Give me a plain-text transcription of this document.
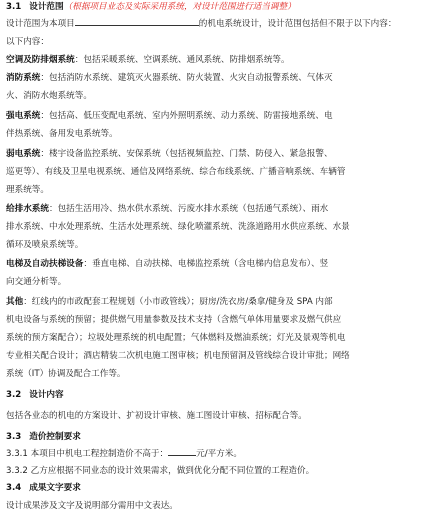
3.1 设计范围（根据项目业态及实际采用系统，对设计范围进行适当调整）
设计范围为本项目	的机电系统设计，设计范围包括但不限于以下内容：
以下内容：
空调及防排烟系统：包括采暖系统、空调系统、通风系统、防排烟系统等。
消防系统：包括消防水系统、建筑灭火器系统、防火装置、火灾自动报警系统、气体灭
火、消防水炮系统等。
强电系统：包括高、低压变配电系统、室内外照明系统、动力系统、防雷接地系统、电
伴热系统、备用发电系统等。
弱电系统：楼宇设备监控系统、安保系统（包括视频监控、门禁、防侵入、紧急报警、
巡更等）、有线及卫星电视系统、通信及网络系统、综合布线系统、广播音响系统、车辆管
理系统等。
给排水系统：包括生活用冷、热水供水系统、污废水排水系统（包括通气系统）、雨水
排水系统、中水处理系统、生活水处理系统、绿化喷灌系统、洗涤道路用水供应系统、水景
循环及喷泉系统等。
电梯及自动扶梯设备：垂直电梯、自动扶梯、电梯监控系统（含电梯内信息发布）、竖
向交通分析等。
其他：红线内的市政配套工程规划（小市政管线）；厨房/洗衣房/桑拿/健身及 SPA 内部
机电设备与系统的预留；提供燃气用量参数及技术支持（含燃气单体用量要求及燃气供应
系统的预方案配合）；垃圾处理系统的机电配置；气体燃料及燃油系统；灯光及景观等机电
专业相关配合设计；酒店精装二次机电施工图审核；机电预留洞及管线综合设计审批；网络
系统（IT）协调及配合工作等。
3.2 设计内容
包括各业态的机电的方案设计、扩初设计审核、施工图设计审核、招标配合等。
3.3 造价控制要求
3.3.1 本项目中机电工程控制造价不高于：	元/平方米。
3.3.2 乙方应根据不同业态的设计效果需求，做到优化分配不同位置的工程造价。
3.4 成果文字要求
设计成果涉及文字及说明部分需用中文表达。
